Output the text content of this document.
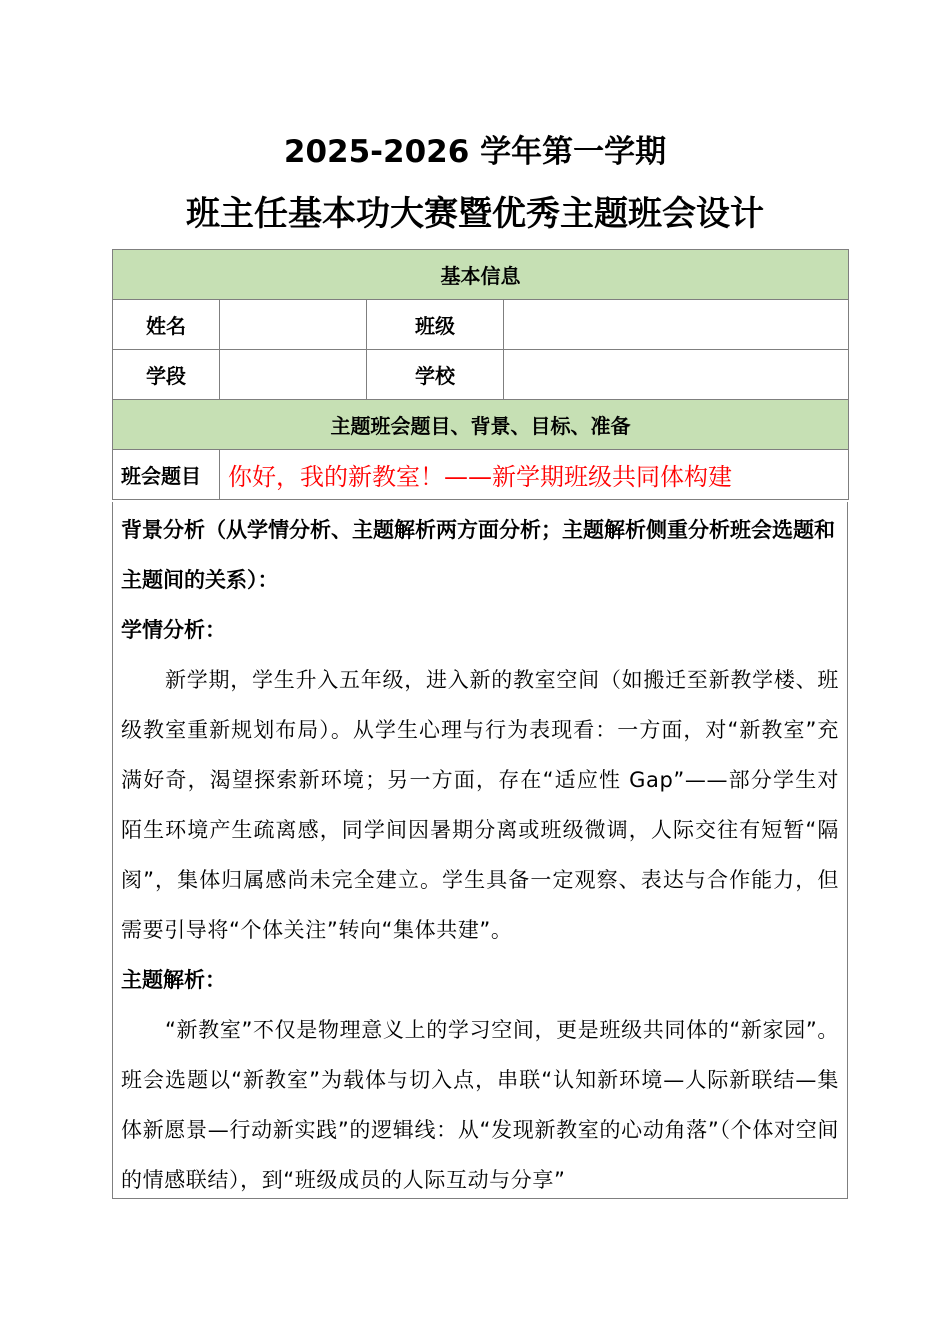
2025-2026 学年第一学期
班主任基本功大赛暨优秀主题班会设计
基本信息			
姓名		班级	
学段		学校	
主题班会题目、背景、目标、准备			
班会题目	你好，我的新教室！——新学期班级共同体构建		

背景分析（从学情分析、主题解析两方面分析；主题解析侧重分析班会选题和主题间的关系）：

学情分析：

新学期，学生升入五年级，进入新的教室空间（如搬迁至新教学楼、班级教室重新规划布局）。从学生心理与行为表现看：一方面，对“新教室”充满好奇，渴望探索新环境；另一方面，存在“适应性 Gap”——部分学生对陌生环境产生疏离感，同学间因暑期分离或班级微调，人际交往有短暂“隔阂”，集体归属感尚未完全建立。学生具备一定观察、表达与合作能力，但需要引导将“个体关注”转向“集体共建”。

主题解析：

“新教室”不仅是物理意义上的学习空间，更是班级共同体的“新家园”。班会选题以“新教室”为载体与切入点，串联“认知新环境—人际新联结—集体新愿景—行动新实践”的逻辑线：从“发现新教室的心动角落”（个体对空间的情感联结），到“班级成员的人际互动与分享”
